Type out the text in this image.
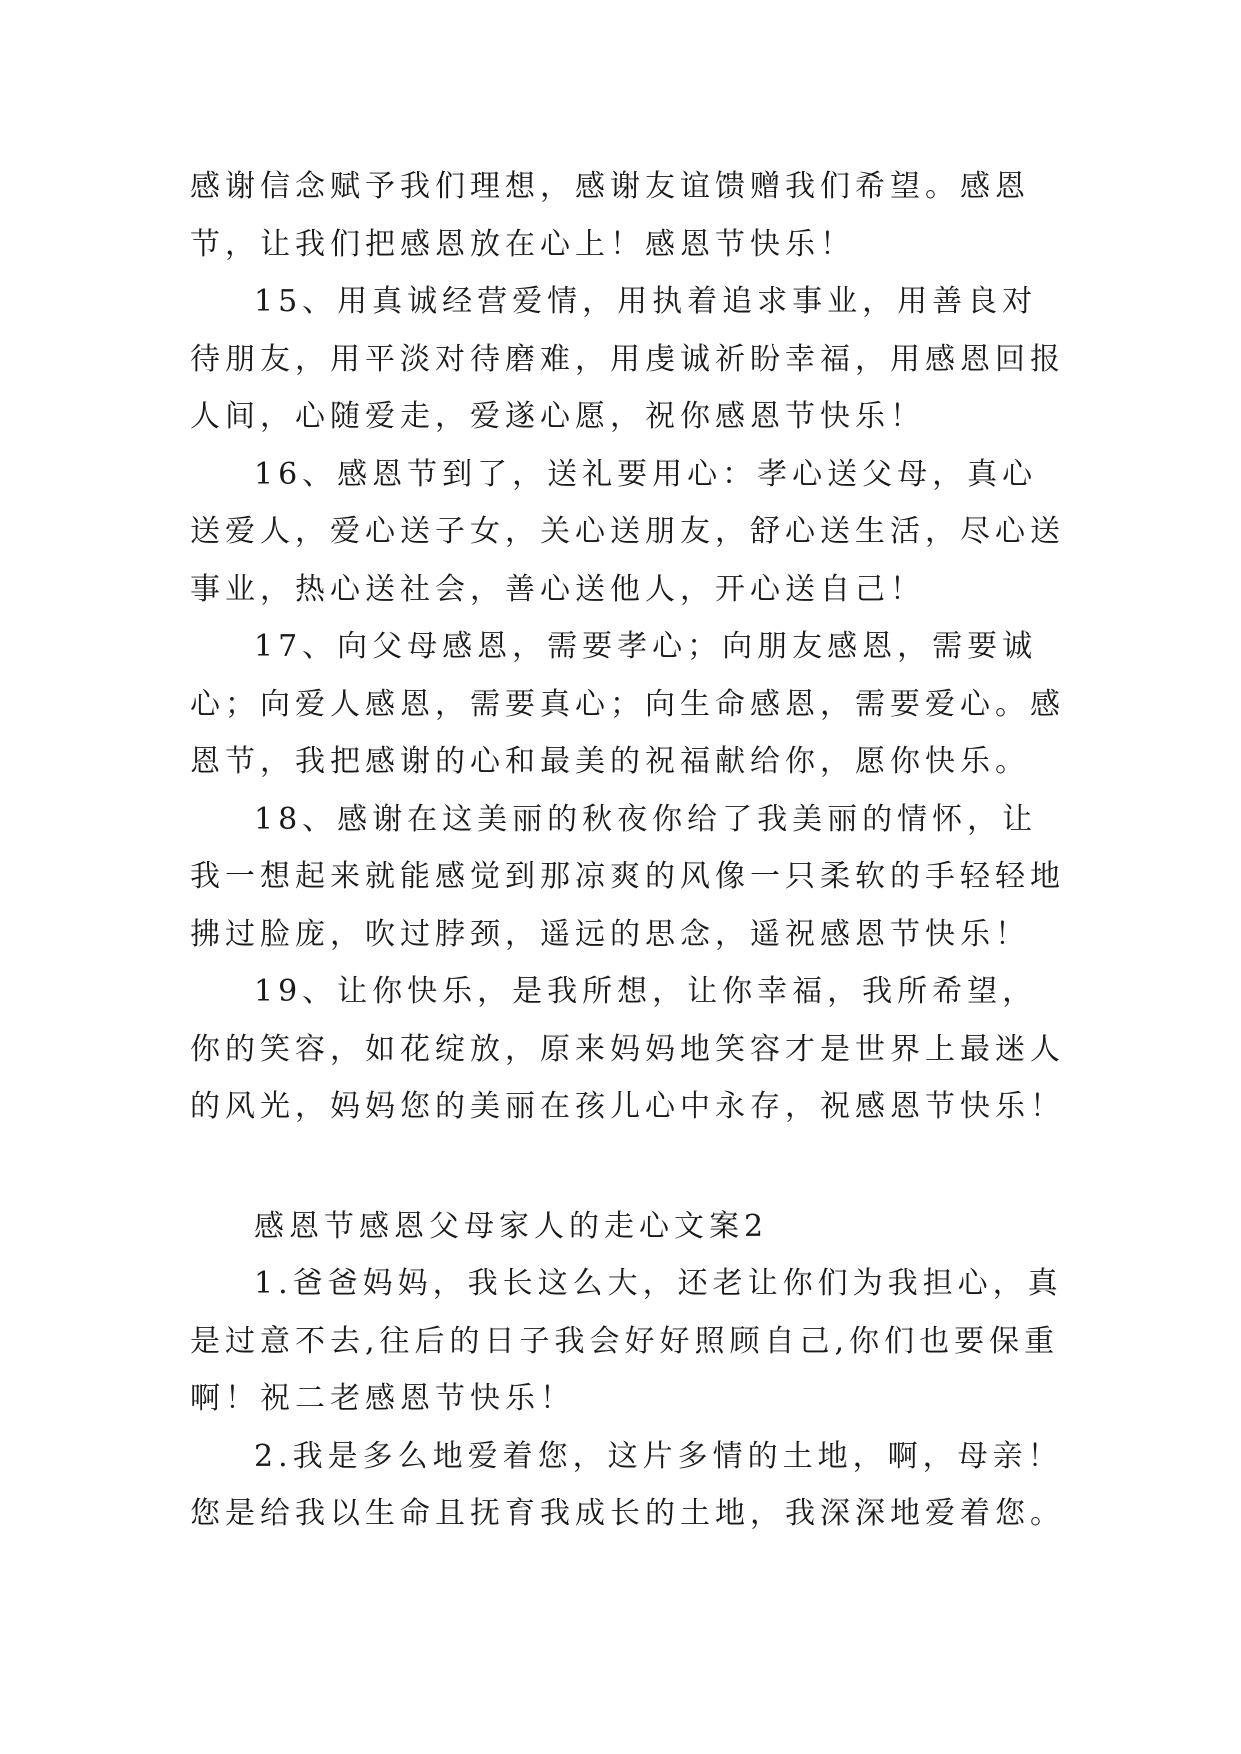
感谢信念赋予我们理想，感谢友谊馈赠我们希望。感恩节，让我们把感恩放在心上！感恩节快乐！

15、用真诚经营爱情，用执着追求事业，用善良对待朋友，用平淡对待磨难，用虔诚祈盼幸福，用感恩回报人间，心随爱走，爱遂心愿，祝你感恩节快乐！

16、感恩节到了，送礼要用心：孝心送父母，真心送爱人，爱心送子女，关心送朋友，舒心送生活，尽心送事业，热心送社会，善心送他人，开心送自己！

17、向父母感恩，需要孝心；向朋友感恩，需要诚心；向爱人感恩，需要真心；向生命感恩，需要爱心。感恩节，我把感谢的心和最美的祝福献给你，愿你快乐。

18、感谢在这美丽的秋夜你给了我美丽的情怀，让我一想起来就能感觉到那凉爽的风像一只柔软的手轻轻地拂过脸庞，吹过脖颈，遥远的思念，遥祝感恩节快乐！

19、让你快乐，是我所想，让你幸福，我所希望，你的笑容，如花绽放，原来妈妈地笑容才是世界上最迷人的风光，妈妈您的美丽在孩儿心中永存，祝感恩节快乐！

感恩节感恩父母家人的走心文案2

1.爸爸妈妈，我长这么大，还老让你们为我担心，真是过意不去,往后的日子我会好好照顾自己,你们也要保重啊！祝二老感恩节快乐！

2.我是多么地爱着您，这片多情的土地，啊，母亲！您是给我以生命且抚育我成长的土地，我深深地爱着您。
